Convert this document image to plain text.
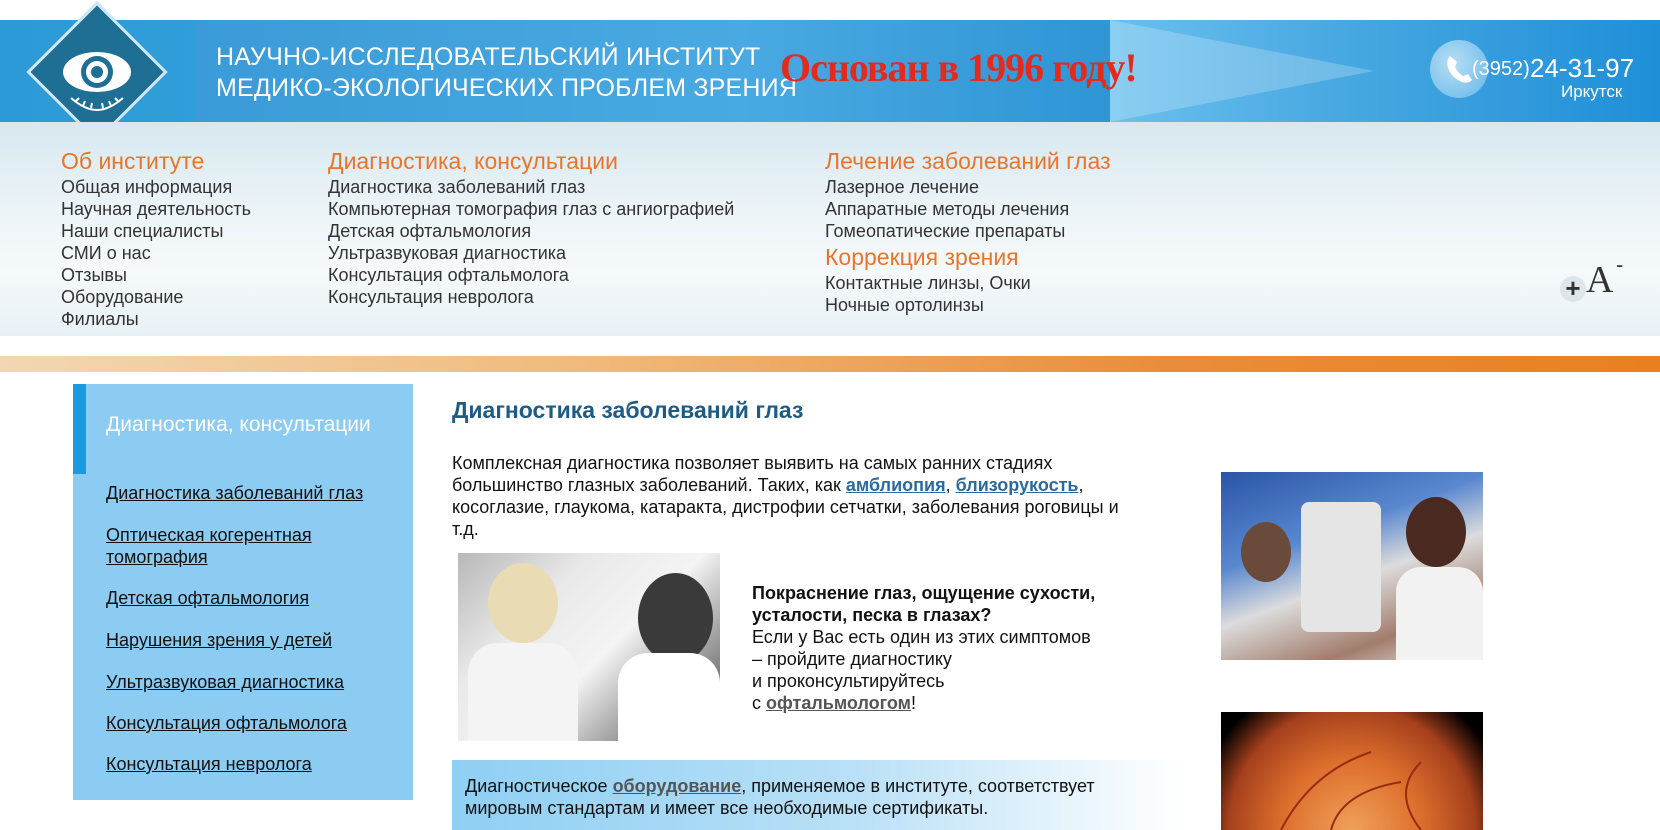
НАУЧНО-ИССЛЕДОВАТЕЛЬСКИЙ ИНСТИТУТ
МЕДИКО-ЭКОЛОГИЧЕСКИХ ПРОБЛЕМ ЗРЕНИЯ
Основан в 1996 году!	(3952) 24-31-97
Иркутск
Об институте
Общая информация
Научная деятельность
Наши специалисты
СМИ о нас
Отзывы
Оборудование
Филиалы
Диагностика, консультации
Диагностика заболеваний глаз
Компьютерная томография глаз с ангиографией
Детская офтальмология
Ультразвуковая диагностика
Консультация офтальмолога
Консультация невролога
Лечение заболеваний глаз
Лазерное лечение
Аппаратные методы лечения
Гомеопатические препараты
Коррекция зрения
Контактные линзы, Очки
Ночные ортолинзы
+ A -
Диагностика, консультации
Диагностика заболеваний глаз
Оптическая когерентная томография
Детская офтальмология
Нарушения зрения у детей
Ультразвуковая диагностика
Консультация офтальмолога
Консультация невролога
Диагностика заболеваний глаз

Комплексная диагностика позволяет выявить на самых ранних стадиях большинство глазных заболеваний. Таких, как амблиопия, близорукость, косоглазие, глаукома, катаракта, дистрофии сетчатки, заболевания роговицы и т.д.

Покраснение глаз, ощущение сухости, усталости, песка в глазах?
Если у Вас есть один из этих симптомов
– пройдите диагностику
и проконсультируйтесь
с офтальмологом!
Диагностическое оборудование, применяемое в институте, соответствует мировым стандартам и имеет все необходимые сертификаты.
